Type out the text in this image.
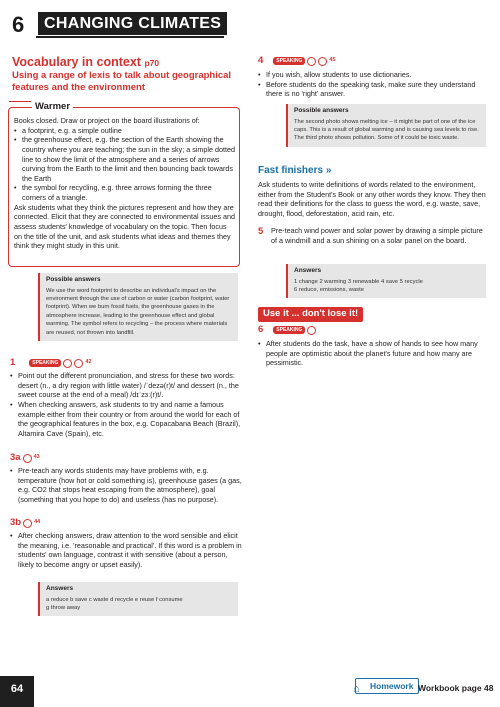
6	CHANGING CLIMATES
Vocabulary in context p70
Using a range of lexis to talk about geographical features and the environment
Warmer

Books closed. Draw or project on the board illustrations of:

• a footprint, e.g. a simple outline
• the greenhouse effect, e.g. the section of the Earth showing the country where you are teaching; the sun in the sky; a simple dotted line to show the limit of the atmosphere and a series of arrows curving from the Earth to the limit and then bouncing back towards the Earth
• the symbol for recycling, e.g. three arrows forming the three corners of a triangle.

Ask students what they think the pictures represent and how they are connected. Elicit that they are connected to environmental issues and assess students' knowledge of vocabulary on the topic. Then focus on the title of the unit, and ask students what ideas and themes they think they might study in this unit.

Possible answers
We use the word footprint to describe an individual's impact on the environment through the use of carbon or water (carbon footprint, water footprint). When we burn fossil fuels, the greenhouse gases in the atmosphere increase, leading to the greenhouse effect and global warming. The symbol refers to recycling – the process where materials are reused, not thrown into landfill.
1	SPEAKING	42
• Point out the different pronunciation, and stress for these two words: desert (n., a dry region with little water) /ˈdezə(r)t/ and dessert (n., the sweet course at the end of a meal) /dɪˈzɜː(r)t/.
• When checking answers, ask students to try and name a famous example either from their country or from around the world for each of the geographical features in the box, e.g. Copacabana Beach (Brazil), Altamira Cave (Spain), etc.
3a 43
• Pre-teach any words students may have problems with, e.g. temperature (how hot or cold something is), greenhouse gases (a gas, e.g. CO2 that stops heat escaping from the atmosphere), goal (something that you hope to do) and useless (has no purpose).
3b 44
• After checking answers, draw attention to the word sensible and elicit the meaning, i.e. 'reasonable and practical'. If this word is a problem in students' own language, contrast it with sensitive (about a person, likely to become angry or upset easily).
Answers
a reduce b save c waste d recycle e reuse f consume
g throw away
64
4	SPEAKING	45
• If you wish, allow students to use dictionaries.
• Before students do the speaking task, make sure they understand there is no 'right' answer.
Possible answers
The second photo shows melting ice – it might be part of one of the ice caps. This is a result of global warming and is causing sea levels to rise. The third photo shows pollution. Some of it could be toxic waste.
Fast finishers »

Ask students to write definitions of words related to the environment, either from the Student's Book or any other words they know. They then read their definitions for the class to guess the word, e.g. waste, save, drought, flood, deforestation, acid rain, etc.

5	Pre-teach wind power and solar power by drawing a simple picture of a windmill and a sun shining on a solar panel on the board.

Answers
1 change 2 warming 3 renewable 4 save 5 recycle
6 reduce, emissions, waste
Use it ... don't lose it!
6	SPEAKING
• After students do the task, have a show of hands to see how many people are optimistic about the planet's future and how many are pessimistic.
⌂ Homework Workbook page 48
